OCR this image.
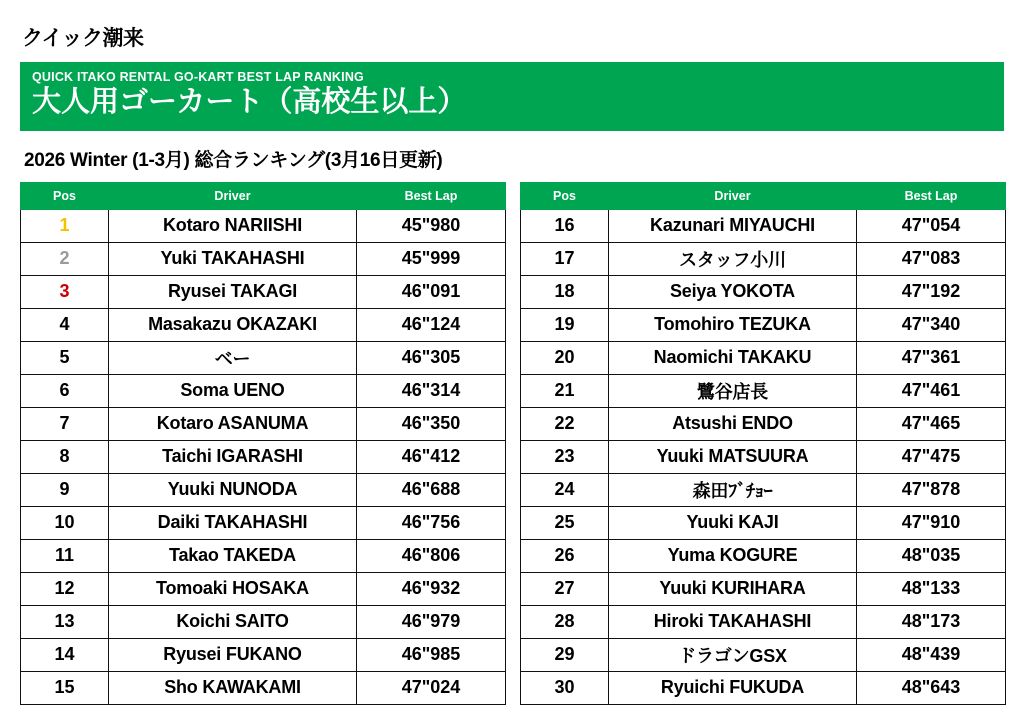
クイック潮来
QUICK ITAKO RENTAL GO-KART BEST LAP RANKING
大人用ゴーカート（高校生以上）
2026 Winter (1-3月) 総合ランキング(3月16日更新)
Pos	Driver	Best Lap
1	Kotaro NARIISHI	45"980
2	Yuki TAKAHASHI	45"999
3	Ryusei TAKAGI	46"091
4	Masakazu OKAZAKI	46"124
5	ベー	46"305
6	Soma UENO	46"314
7	Kotaro ASANUMA	46"350
8	Taichi IGARASHI	46"412
9	Yuuki NUNODA	46"688
10	Daiki TAKAHASHI	46"756
11	Takao TAKEDA	46"806
12	Tomoaki HOSAKA	46"932
13	Koichi SAITO	46"979
14	Ryusei FUKANO	46"985
15	Sho KAWAKAMI	47"024
Pos	Driver	Best Lap
16	Kazunari MIYAUCHI	47"054
17	スタッフ小川	47"083
18	Seiya YOKOTA	47"192
19	Tomohiro TEZUKA	47"340
20	Naomichi TAKAKU	47"361
21	鷺谷店長	47"461
22	Atsushi ENDO	47"465
23	Yuuki MATSUURA	47"475
24	森田ﾌﾞﾁｮｰ	47"878
25	Yuuki KAJI	47"910
26	Yuma KOGURE	48"035
27	Yuuki KURIHARA	48"133
28	Hiroki TAKAHASHI	48"173
29	ドラゴンGSX	48"439
30	Ryuichi FUKUDA	48"643
